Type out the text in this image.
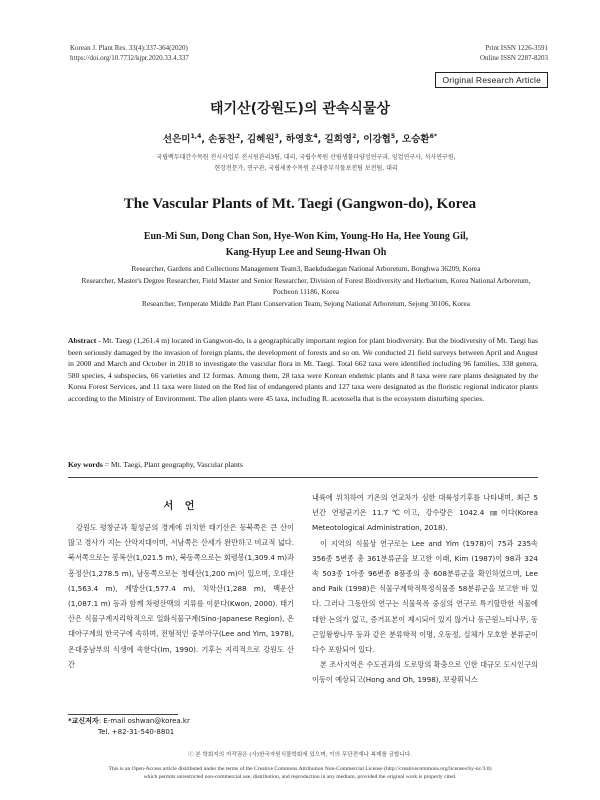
Korean J. Plant Res. 33(4):337-364(2020)
https://doi.org/10.7732/kjpr.2020.33.4.337
Print ISSN 1226-3591
Online ISSN 2287-8203
Original Research Article
태기산(강원도)의 관속식물상
선은미$^{1,4}$, 손동찬$^2$, 김혜원$^3$, 하영호$^4$, 길희영$^2$, 이강협$^5$, 오승환$^{6*}$
국립백두대간수목원 전시사업부 전시원관리3팀, 대리, 국립수목원 산림생물다양성연구과, 임업연구사, 석사연구원,
현장전문가, 연구관, 국립세종수목원 온대중부식물보전팀 보전팀, 대리
The Vascular Plants of Mt. Taegi (Gangwon-do), Korea
Eun-Mi Sun, Dong Chan Son, Hye-Won Kim, Young-Ho Ha, Hee Young Gil,
Kang-Hyup Lee and Seung-Hwan Oh

Researcher, Gardens and Collections Management Team3, Baekdudaegan National Arboretum, Bonghwa 36209, Korea

Researcher, Master's Degree Researcher, Field Master and Senior Researcher, Division of Forest Biodiversity and Herbarium, Korea National Arboretum, Pocheon 11186, Korea

Researcher, Temperate Middle Part Plant Conservation Team, Sejong National Arboretum, Sejong 30106, Korea

Abstract - Mt. Taegi (1,261.4 m) located in Gangwon-do, is a geographically important region for plant biodiversity. But the biodiversity of Mt. Taegi has been seriously damaged by the invasion of foreign plants, the development of forests and so on. We conducted 21 field surveys between April and August in 2008 and March and October in 2018 to investigate the vascular flora in Mt. Taegi. Total 662 taxa were identified including 96 families, 338 genera, 580 species, 4 subspecies, 66 varieties and 12 formas. Among them, 28 taxa were Korean endemic plants and 8 taxa were rare plants designated by the Korea Forest Services, and 11 taxa were listed on the Red list of endangered plants and 127 taxa were designated as the floristic regional indicator plants according to the Ministry of Environment. The alien plants were 45 taxa, including R. acetosella that is the ecosystem disturbing species.
Key words = Mt. Taegi, Plant geography, Vascular plants
서 언

강원도 평창군과 횡성군의 경계에 위치한 태기산은 동북쪽은 큰 산이 많고 경사가 지는 산악지대이며, 서남쪽은 산세가 완만하고 비교적 넓다. 북서쪽으로는 봉복산(1,021.5 m), 북동쪽으로는 회령봉(1,309.4 m)과 흥정산(1,278.5 m), 남동쪽으로는 청태산(1,200 m)이 있으며, 오대산(1,563.4 m), 계방산(1,577.4 m), 치악산(1,288 m), 백운산(1,087.1 m) 등과 함께 차령산맥의 지류를 이룬다(Kwon, 2000). 태기산은 식물구계지리학적으로 일화식물구계(Sino-Japanese Region), 온대아구계의 한국구에 속하며, 전형적인 중부아구(Lee and Yim, 1978), 온대중남부의 식생에 속한다(Im, 1990). 기후는 지리적으로 강원도 산간

내륙에 위치하여 기온의 연교차가 심한 대륙성기후를 나타내며, 최근 5년간 연평균기온 11.7℃이고, 강수량은 1042.4 ㎜이다(Korea Meteotological Administration, 2018).

이 지역의 식물상 연구로는 Lee and Yim (1978)이 75과 235속 356종 5변종 총 361분류군을 보고한 이래, Kim (1987)이 98과 324속 503종 1아종 96변종 8품종의 총 608분류군을 확인하였으며, Lee and Paik (1998)은 식물구계학적특정식물종 58분류군을 보고한 바 있다. 그러나 그동안의 연구는 식물목록 중심의 연구로 특기할만한 식물에 대한 논의가 없고, 증거표본이 제시되어 있지 않거나 동근원느티나무, 동근잎왕쌍나무 등과 같은 분류학적 이명, 오동정, 실체가 모호한 분류군이 다수 포함되어 있다.

본 조사지역은 수도권과의 도로망의 확충으로 인한 대규모 도시인구의 이동이 예상되고(Hong and Oh, 1998), 보광휘닉스

*교신저자: E-mail oshwan@korea.kr
Tel. +82-31-540-8801
ⓒ 본 학회지의 저작권은 (사)한국자원식물학회에 있으며, 이의 무단전재나 복제를 금합니다.
This is an Open-Access article distributed under the terms of the Creative Commons Attribution Non-Commercial License (http://creativecommons.org/licenses/by-nc/3.0)
which permits unrestricted non-commercial use, distribution, and reproduction in any medium, provided the original work is properly cited.
